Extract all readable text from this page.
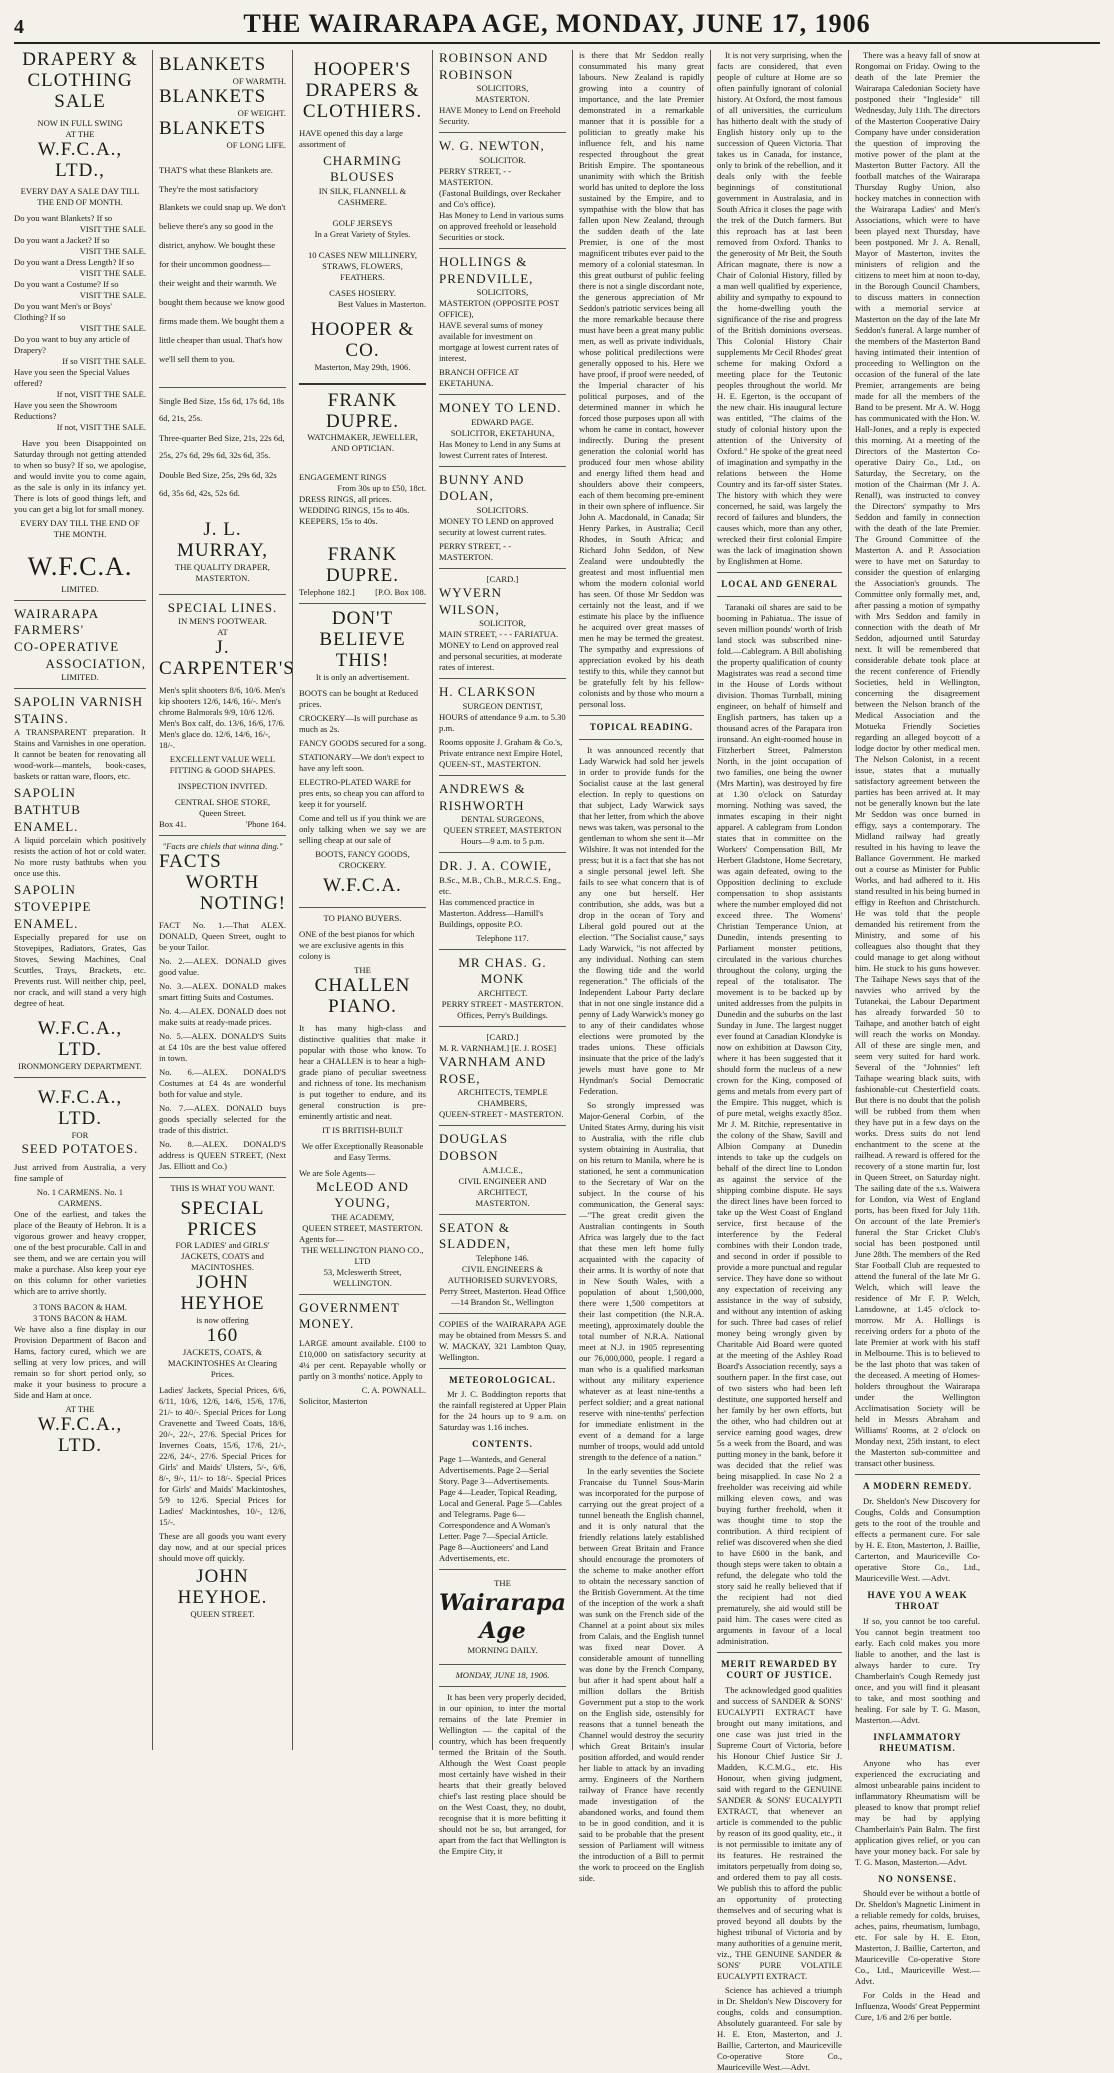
4	THE WAIRARAPA AGE, MONDAY, JUNE 17, 1906
DRAPERY & CLOTHING SALE
NOW IN FULL SWING
AT THE
W.F.C.A., LTD.,
EVERY DAY A SALE DAY TILL THE END OF MONTH.
Do you want Blankets? If so
VISIT THE SALE.
Do you want a Jacket? If so
VISIT THE SALE.
Do you want a Dress Length? If so
VISIT THE SALE.
Do you want a Costume? If so
VISIT THE SALE.
Do you want Men's or Boys' Clothing? If so
VISIT THE SALE.
Do you want to buy any article of Drapery?
If so VISIT THE SALE.
Have you seen the Special Values offered?
If not, VISIT THE SALE.
Have you seen the Showroom Reductions?
If not, VISIT THE SALE.

Have you been Disappointed on Saturday through not getting attended to when so busy? If so, we apologise, and would invite you to come again, as the sale is only in its infancy yet. There is lots of good things left, and you can get a big lot for small money.

EVERY DAY TILL THE END OF THE MONTH.
W.F.C.A.
LIMITED.
WAIRARAPA
FARMERS'
CO-OPERATIVE
ASSOCIATION,
LIMITED.
SAPOLIN VARNISH STAINS.

A TRANSPARENT preparation. It Stains and Varnishes in one operation. It cannot be beaten for renovating all wood-work—mantels, book-cases, baskets or rattan ware, floors, etc.

SAPOLIN BATHTUB ENAMEL.

A liquid porcelain which positively resists the action of hot or cold water. No more rusty bathtubs when you once use this.

SAPOLIN STOVEPIPE ENAMEL.

Especially prepared for use on Stovepipes, Radiators, Grates, Gas Stoves, Sewing Machines, Coal Scuttles, Trays, Brackets, etc. Prevents rust. Will neither chip, peel, nor crack, and will stand a very high degree of heat.

W.F.C.A., LTD.
IRONMONGERY DEPARTMENT.
W.F.C.A., LTD.
FOR
SEED POTATOES.

Just arrived from Australia, a very fine sample of

No. 1 CARMENS. No. 1 CARMENS.

One of the earliest, and takes the place of the Beauty of Hebron. It is a vigorous grower and heavy cropper, one of the best procurable. Call in and see them, and we are certain you will make a purchase. Also keep your eye on this column for other varieties which are to arrive shortly.

3 TONS BACON & HAM.
3 TONS BACON & HAM.

We have also a fine display in our Provision Department of Bacon and Hams, factory cured, which we are selling at very low prices, and will remain so for short period only, so make it your business to procure a Side and Ham at once.

AT THE
W.F.C.A., LTD.
BLANKETS
OF WARMTH.
BLANKETS
OF WEIGHT.
BLANKETS
OF LONG LIFE.

THAT'S what these Blankets are. They're the most satisfactory Blankets we could snap up. We don't believe there's any so good in the district, anyhow. We bought these for their uncommon goodness—their weight and their warmth. We bought them because we know good firms made them. We bought them a little cheaper than usual. That's how we'll sell them to you.

Single Bed Size, 15s 6d, 17s 6d, 18s 6d, 21s, 25s.

Three-quarter Bed Size, 21s, 22s 6d, 25s, 27s 6d, 29s 6d, 32s 6d, 35s.

Double Bed Size, 25s, 29s 6d, 32s 6d, 35s 6d, 42s, 52s 6d.

J. L. MURRAY,
THE QUALITY DRAPER,
MASTERTON.
SPECIAL LINES.
IN MEN'S FOOTWEAR.
AT
J. CARPENTER'S

Men's split shooters 8/6, 10/6. Men's kip shooters 12/6, 14/6, 16/-. Men's chrome Balmorals 9/9, 10/6 12/6. Men's Box calf, do. 13/6, 16/6, 17/6. Men's glace do. 12/6, 14/6, 16/-, 18/-.

EXCELLENT VALUE WELL FITTING & GOOD SHAPES.
INSPECTION INVITED.
CENTRAL SHOE STORE,
Queen Street.
Box 41.	'Phone 164.
"Facts are chiels that winna ding."
FACTS
WORTH
NOTING!

FACT No. 1.—That ALEX. DONALD, Queen Street, ought to be your Tailor.

No. 2.—ALEX. DONALD gives good value.

No. 3.—ALEX. DONALD makes smart fitting Suits and Costumes.

No. 4.—ALEX. DONALD does not make suits at ready-made prices.

No. 5.—ALEX. DONALD'S Suits at £4 10s are the best value offered in town.

No. 6.—ALEX. DONALD'S Costumes at £4 4s are wonderful both for value and style.

No. 7.—ALEX. DONALD buys goods specially selected for the trade of this district.

No. 8.—ALEX. DONALD'S address is QUEEN STREET, (Next Jas. Elliott and Co.)

THIS IS WHAT YOU WANT.
SPECIAL
PRICES
FOR LADIES' and GIRLS' JACKETS, COATS and MACINTOSHES.
JOHN HEYHOE
is now offering
160
JACKETS, COATS, & MACKINTOSHES At Clearing Prices.

Ladies' Jackets, Special Prices, 6/6, 6/11, 10/6, 12/6, 14/6, 15/6, 17/6, 21/- to 40/-. Special Prices for Long Cravenette and Tweed Coats, 18/6, 20/-, 22/-, 27/6. Special Prices for Invernes Coats, 15/6, 17/6, 21/-, 22/6, 24/-, 27/6. Special Prices for Girls' and Maids' Ulsters, 5/-, 6/6, 8/-, 9/-, 11/- to 18/-. Special Prices for Girls' and Maids' Mackintoshes, 5/9 to 12/6. Special Prices for Ladies' Mackintoshes, 10/-, 12/6, 15/-.

These are all goods you want every day now, and at our special prices should move off quickly.

JOHN HEYHOE.
QUEEN STREET.
HOOPER'S
DRAPERS & CLOTHIERS.

HAVE opened this day a large assortment of

CHARMING BLOUSES
IN SILK, FLANNELL & CASHMERE.
GOLF JERSEYS
In a Great Variety of Styles.
10 CASES NEW MILLINERY, STRAWS, FLOWERS, FEATHERS.
CASES HOSIERY.
Best Values in Masterton.
HOOPER & CO.
Masterton, May 29th, 1906.
FRANK DUPRE.
WATCHMAKER, JEWELLER, AND OPTICIAN.
ENGAGEMENT RINGS
From 30s up to £50, 18ct.
DRESS RINGS, all prices.
WEDDING RINGS, 15s to 40s.
KEEPERS, 15s to 40s.
FRANK DUPRE.
Telephone 182.] [P.O. Box 108.
DON'T BELIEVE THIS!
It is only an advertisement.

BOOTS can be bought at Reduced prices.

CROCKERY—Is will purchase as much as 2s.

FANCY GOODS secured for a song.

STATIONARY—We don't expect to have any left soon.

ELECTRO-PLATED WARE for pres ents, so cheap you can afford to keep it for yourself.

Come and tell us if you think we are only talking when we say we are selling cheap at our sale of

BOOTS, FANCY GOODS, CROCKERY.
W.F.C.A.
TO PIANO BUYERS.

ONE of the best pianos for which we are exclusive agents in this colony is

THE
CHALLEN
PIANO.

It has many high-class and distinctive qualities that make it popular with those who know. To hear a CHALLEN is to hear a high-grade piano of peculiar sweetness and richness of tone. Its mechanism is put together to endure, and its general construction is pre-eminently artistic and neat.

IT IS BRITISH-BUILT
We offer Exceptionally Reasonable and Easy Terms.
We are Sole Agents—
McLEOD AND YOUNG,
THE ACADEMY,
QUEEN STREET, MASTERTON.
Agents for—
THE WELLINGTON PIANO CO., LTD
53, Mcleswerth Street,
WELLINGTON.
GOVERNMENT MONEY.

LARGE amount available. £100 to £10,000 on satisfactory security at 4¼ per cent. Repayable wholly or partly on 3 months' notice. Apply to

C. A. POWNALL.
Solicitor, Masterton
ROBINSON AND ROBINSON
SOLICITORS,
MASTERTON.

HAVE Money to Lend on Freehold Security.

W. G. NEWTON,
SOLICITOR.
PERRY STREET, - - MASTERTON.
(Fastonal Buildings, over Reckaher and Co's office).

Has Money to Lend in various sums on approved freehold or leasehold Securities or stock.

HOLLINGS & PRENDVILLE,
SOLICITORS,
MASTERTON (OPPOSITE POST OFFICE),

HAVE several sums of money available for investment on mortgage at lowest current rates of interest.

BRANCH OFFICE AT EKETAHUNA.
MONEY TO LEND.
EDWARD PAGE.
SOLICITOR, EKETAHUNA,

Has Money to Lend in any Sums at lowest Current rates of Interest.

BUNNY AND DOLAN,
SOLICITORS.

MONEY TO LEND on approved security at lowest current rates.

PERRY STREET, - - MASTERTON.
[CARD.]
WYVERN WILSON,
SOLICITOR,
MAIN STREET, - - - FARIATUA.

MONEY to Lend on approved real and personal securities, at moderate rates of interest.

H. CLARKSON
SURGEON DENTIST,

HOURS of attendance 9 a.m. to 5.30 p.m.

Rooms opposite J. Graham & Co.'s, Private entrance next Empire Hotel, QUEEN-ST., MASTERTON.

ANDREWS & RISHWORTH
DENTAL SURGEONS,
QUEEN STREET, MASTERTON
Hours—9 a.m. to 5 p.m.
DR. J. A. COWIE,
B.Sc., M.B., Ch.B., M.R.C.S. Eng., etc.

Has commenced practice in Masterton. Address—Hamill's Buildings, opposite P.O.

Telephone 117.
MR CHAS. G. MONK
ARCHITECT.
PERRY STREET - MASTERTON. Offices, Perry's Buildings.
[CARD.]
M. R. VARNHAM.] [E. J. ROSE]
VARNHAM AND ROSE,
ARCHITECTS, TEMPLE CHAMBERS,
QUEEN-STREET - MASTERTON.
DOUGLAS DOBSON
A.M.I.C.E.,
CIVIL ENGINEER AND ARCHITECT,
MASTERTON.
SEATON & SLADDEN,
Telephone 146.
CIVIL ENGINEERS & AUTHORISED SURVEYORS,
Perry Street, Masterton. Head Office—14 Brandon St., Wellington

COPIES of the WAIRARAPA AGE may be obtained from Messrs S. and W. MACKAY, 321 Lambton Quay, Wellington.

METEOROLOGICAL.

Mr J. C. Boddington reports that the rainfall registered at Upper Plain for the 24 hours up to 9 a.m. on Saturday was 1.16 inches.

CONTENTS.

Page 1—Wanteds, and General Advertisements. Page 2—Serial Story. Page 3—Advertisements. Page 4—Leader, Topical Reading, Local and General. Page 5—Cables and Telegrams. Page 6—Correspondence and A Woman's Letter. Page 7—Special Article. Page 8—Auctioneers' and Land Advertisements, etc.

THE
Wairarapa Age
MORNING DAILY.
MONDAY, JUNE 18, 1906.

It has been very properly decided, in our opinion, to inter the mortal remains of the late Premier in Wellington — the capital of the country, which has been frequently termed the Britain of the South. Although the West Coast people most certainly have wished in their hearts that their greatly beloved chief's last resting place should be on the West Coast, they, no doubt, recognise that it is more befitting it should not be so, but arranged, for apart from the fact that Wellington is the Empire City, it

is there that Mr Seddon really consummated his many great labours. New Zealand is rapidly growing into a country of importance, and the late Premier demonstrated in a remarkable manner that it is possible for a politician to greatly make his influence felt, and his name respected throughout the great British Empire. The spontaneous unanimity with which the British world has united to deplore the loss sustained by the Empire, and to sympathise with the blow that has fallen upon New Zealand, through the sudden death of the late Premier, is one of the most magnificent tributes ever paid to the memory of a colonial statesman. In this great outburst of public feeling there is not a single discordant note, the generous appreciation of Mr Seddon's patriotic services being all the more remarkable because there must have been a great many public men, as well as private individuals, whose political predilections were generally opposed to his. Here we have proof, if proof were needed, of the Imperial character of his political purposes, and of the determined manner in which he forced those purposes upon all with whom he came in contact, however indirectly. During the present generation the colonial world has produced four men whose ability and energy lifted them head and shoulders above their compeers, each of them becoming pre-eminent in their own sphere of influence. Sir John A. Macdonald, in Canada; Sir Henry Parkes, in Australia; Cecil Rhodes, in South Africa; and Richard John Seddon, of New Zealand were undoubtedly the greatest and most influential men whom the modern colonial world has seen. Of those Mr Seddon was certainly not the least, and if we estimate his place by the influence he acquired over great masses of men he may be termed the greatest. The sympathy and expressions of appreciation evoked by his death testify to this, while they cannot but be gratefully felt by his fellow-colonists and by those who mourn a personal loss.

TOPICAL READING.

It was announced recently that Lady Warwick had sold her jewels in order to provide funds for the Socialist cause at the last general election. In reply to questions on that subject, Lady Warwick says that her letter, from which the above news was taken, was personal to the gentleman to whom she sent it—Mr Wilshire. It was not intended for the press; but it is a fact that she has not a single personal jewel left. She fails to see what concern that is of any one but herself. Her contribution, she adds, was but a drop in the ocean of Tory and Liberal gold poured out at the election. "The Socialist cause," says Lady Warwick, "is not affected by any individual. Nothing can stem the flowing tide and the world regeneration." The officials of the Independent Labour Party declare that in not one single instance did a penny of Lady Warwick's money go to any of their candidates whose elections were promoted by the trades unions. These officials insinuate that the price of the lady's jewels must have gone to Mr Hyndman's Social Democratic Federation.

So strongly impressed was Major-General Corbin, of the United States Army, during his visit to Australia, with the rifle club system obtaining in Australia, that on his return to Manila, where he is stationed, he sent a communication to the Secretary of War on the subject. In the course of his communication, the General says:—"The great credit given the Australian contingents in South Africa was largely due to the fact that these men left home fully acquainted with the capacity of their arms. It is worthy of note that in New South Wales, with a population of about 1,500,000, there were 1,500 competitors at their last competition (the N.R.A. meeting), approximately double the total number of N.R.A. National meet at N.J. in 1905 representing our 76,000,000, people. I regard a man who is a qualified marksman without any military experience whatever as at least nine-tenths a perfect soldier; and a great national reserve with nine-tenths' perfection for immediate enlistment in the event of a demand for a large number of troops, would add untold strength to the defence of a nation."

In the early seventies the Societe Francaise du Tunnel Sous-Marin was incorporated for the purpose of carrying out the great project of a tunnel beneath the English channel, and it is only natural that the friendly relations lately established between Great Britain and France should encourage the promoters of the scheme to make another effort to obtain the necessary sanction of the British Government. At the time of the inception of the work a shaft was sunk on the French side of the Channel at a point about six miles from Calais, and the English tunnel was fixed near Dover. A considerable amount of tunnelling was done by the French Company, but after it had spent about half a million dollars the British Government put a stop to the work on the English side, ostensibly for reasons that a tunnel beneath the Channel would destroy the security which Great Britain's insular position afforded, and would render her liable to attack by an invading army. Engineers of the Northern railway of France have recently made investigation of the abandoned works, and found them to be in good condition, and it is said to be probable that the present session of Parliament will witness the introduction of a Bill to permit the work to proceed on the English side.

It is not very surprising, when the facts are considered, that even people of culture at Home are so often painfully ignorant of colonial history. At Oxford, the most famous of all universities, the curriculum has hitherto dealt with the study of English history only up to the succession of Queen Victoria. That takes us in Canada, for instance, only to brink of the rebellion, and it deals only with the feeble beginnings of constitutional government in Australasia, and in South Africa it closes the page with the trek of the Dutch farmers. But this reproach has at last been removed from Oxford. Thanks to the generosity of Mr Beit, the South African magnate, there is now a Chair of Colonial History, filled by a man well qualified by experience, ability and sympathy to expound to the home-dwelling youth the significance of the rise and progress of the British dominions overseas. This Colonial History Chair supplements Mr Cecil Rhodes' great scheme for making Oxford a meeting place for the Teutonic peoples throughout the world. Mr H. E. Egerton, is the occupant of the new chair. His inaugural lecture was entitled, "The claims of the study of colonial history upon the attention of the University of Oxford." He spoke of the great need of imagination and sympathy in the relations between the Home Country and its far-off sister States. The history with which they were concerned, he said, was largely the record of failures and blunders, the causes which, more than any other, wrecked their first colonial Empire was the lack of imagination shown by Englishmen at Home.

LOCAL AND GENERAL

Taranaki oil shares are said to be booming in Pahiatua.. The issue of seven million pounds' worth of Irish land stock was subscribed nine-fold.—Cablegram. A Bill abolishing the property qualification of county Magistrates was read a second time in the House of Lords without division. Thomas Turnball, mining engineer, on behalf of himself and English partners, has taken up a thousand acres of the Parapara iron ironsand. An eight-roomed house in Fitzherbert Street, Palmerston North, in the joint occupation of two families, one being the owner (Mrs Martin), was destroyed by fire at 1.30 o'clock on Saturday morning. Nothing was saved, the inmates escaping in their night apparel. A cablegram from London states that in committee on the Workers' Compensation Bill, Mr Herbert Gladstone, Home Secretary, was again defeated, owing to the Opposition declining to exclude compensation to shop assistants where the number employed did not exceed three. The Womens' Christian Temperance Union, at Dunedin, intends presenting to Parliament monster petitions, circulated in the various churches throughout the colony, urging the repeal of the totalisator. The movement is to be backed up by united addresses from the pulpits in Dunedin and the suburbs on the last Sunday in June. The largest nugget ever found at Canadian Klondyke is now on exhibition at Dawson City, where it has been suggested that it should form the nucleus of a new crown for the King, composed of gems and metals from every part of the Empire. This nugget, which is of pure metal, weighs exactly 85oz. Mr J. M. Ritchie, representative in the colony of the Shaw, Savill and Albion Company at Dunedin intends to take up the cudgels on behalf of the direct line to London as against the service of the shipping combine dispute. He says the direct lines have been forced to take up the West Coast of England service, first because of the interference by the Federal combines with their London trade, and second in order if possible to provide a more punctual and regular service. They have done so without any expectation of receiving any assistance in the way of subsidy, and without any intention of asking for such. Three bad cases of relief money being wrongly given by Charitable Aid Board were quoted at the meeting of the Ashley Road Board's Association recently, says a southern paper. In the first case, out of two sisters who had been left destitute, one supported herself and her family by her own efforts, but the other, who had children out at service earning good wages, drew 5s a week from the Board, and was putting money in the bank, before it was decided that the relief was being misapplied. In case No 2 a freeholder was receiving aid while milking eleven cows, and was buying further freehold, when it was thought time to stop the contribution. A third recipient of relief was discovered when she died to have £600 in the bank, and though steps were taken to obtain a refund, the delegate who told the story said he really believed that if the recipient had not died prematurely, she aid would still be paid him. The cases were cited as arguments in favour of a local administration.

MERIT REWARDED BY COURT OF JUSTICE.

The acknowledged good qualities and success of SANDER & SONS' EUCALYPTI EXTRACT have brought out many imitations, and one case was just tried in the Supreme Court of Victoria, before his Honour Chief Justice Sir J. Madden, K.C.M.G., etc. His Honour, when giving judgment, said with regard to the GENUINE SANDER & SONS' EUCALYPTI EXTRACT, that whenever an article is commended to the public by reason of its good quality, etc., it is not permissible to imitate any of its features. He restrained the imitators perpetually from doing so, and ordered them to pay all costs. We publish this to afford the public an opportunity of protecting themselves and of securing what is proved beyond all doubts by the highest tribunal of Victoria and by many authorities of a genuine merit, viz., THE GENUINE SANDER & SONS' PURE VOLATILE EUCALYPTI EXTRACT.

Science has achieved a triumph in Dr. Sheldon's New Discovery for coughs, colds and consumption. Absolutely guaranteed. For sale by H. E. Eton, Masterton, and J. Baillie, Carterton, and Mauriceville Co-operative Store Co., Mauriceville West.—Advt.

There was a heavy fall of snow at Rongomai on Friday. Owing to the death of the late Premier the Wairarapa Caledonian Society have postponed their "Ingleside" till Wednesday, July 11th. The directors of the Masterton Cooperative Dairy Company have under consideration the question of improving the motive power of the plant at the Masterton Butter Factory. All the football matches of the Wairarapa Thursday Rugby Union, also hockey matches in connection with the Wairarapa Ladies' and Men's Associations, which were to have been played next Thursday, have been postponed. Mr J. A. Renall, Mayor of Masterton, invites the ministers of religion and the citizens to meet him at noon to-day, in the Borough Council Chambers, to discuss matters in connection with a memorial service at Masterton on the day of the late Mr Seddon's funeral. A large number of the members of the Masterton Band having intimated their intention of proceeding to Wellington on the occasion of the funeral of the late Premier, arrangements are being made for all the members of the Band to be present. Mr A. W. Hogg has communicated with the Hon. W. Hall-Jones, and a reply is expected this morning. At a meeting of the Directors of the Masterton Co-operative Dairy Co., Ltd., on Saturday, the Secretary, on the motion of the Chairman (Mr J. A. Renall), was instructed to convey the Directors' sympathy to Mrs Seddon and family in connection with the death of the late Premier. The Ground Committee of the Masterton A. and P. Association were to have met on Saturday to consider the question of enlarging the Association's grounds. The Committee only formally met, and, after passing a motion of sympathy with Mrs Seddon and family in connection with the death of Mr Seddon, adjourned until Saturday next. It will be remembered that considerable debate took place at the recent conference of Friendly Societies, held in Wellington, concerning the disagreement between the Nelson branch of the Medical Association and the Motueka Friendly Societies regarding an alleged boycott of a lodge doctor by other medical men. The Nelson Colonist, in a recent issue, states that a mutually satisfactory agreement between the parties has been arrived at. It may not be generally known but the late Mr Seddon was once burned in effigy, says a contemporary. The Midland railway had greatly resulted in his having to leave the Ballance Government. He marked out a course as Minister for Public Works, and had adhered to it. His stand resulted in his being burned in effigy in Reefton and Christchurch. He was told that the people demanded his retirement from the Ministry, and some of his colleagues also thought that they could manage to get along without him. He stuck to his guns however. The Taihape News says that of the navvies who arrived by the Tutanekai, the Labour Department has already forwarded 50 to Taihape, and another batch of eight will reach the works on Monday. All of these are single men, and seem very suited for hard work. Several of the "Johnnies" left Taihape wearing black suits, with fashionable-cut Chesterfield coats. But there is no doubt that the polish will be rubbed from them when they have put in a few days on the works. Dress suits do not lend enchantment to the scene at the railhead. A reward is offered for the recovery of a stone martin fur, lost in Queen Street, on Saturday night. The sailing date of the s.s. Waiwera for London, via West of England ports, has been fixed for July 11th. On account of the late Premier's funeral the Star Cricket Club's social has been postponed until June 28th. The members of the Red Star Football Club are requested to attend the funeral of the late Mr G. Welch, which will leave the residence of Mr F. P. Welch, Lansdowne, at 1.45 o'clock to-morrow. Mr A. Hollings is receiving orders for a photo of the late Premier at work with his staff in Melbourne. This is to believed to be the last photo that was taken of the deceased. A meeting of Homes-holders throughout the Wairarapa under the Wellington Acclimatisation Society will be held in Messrs Abraham and Williams' Rooms, at 2 o'clock on Monday next, 25th instant, to elect the Masterton sub-committee and transact other business.

A MODERN REMEDY.

Dr. Sheldon's New Discovery for Coughs, Colds and Consumption gets to the root of the trouble and effects a permanent cure. For sale by H. E. Eton, Masterton, J. Baillie, Carterton, and Mauriceville Co-operative Store Co., Ltd., Mauriceville West. —Advt.

HAVE YOU A WEAK THROAT

If so, you cannot be too careful. You cannot begin treatment too early. Each cold makes you more liable to another, and the last is always harder to cure. Try Chamberlain's Cough Remedy just once, and you will find it pleasant to take, and most soothing and healing. For sale by T. G. Mason, Masterton.—Advt.

INFLAMMATORY RHEUMATISM.

Anyone who has ever experienced the excruciating and almost unbearable pains incident to inflammatory Rheumatism will be pleased to know that prompt relief may be had by applying Chamberlain's Pain Balm. The first application gives relief, or you can have your money back. For sale by T. G. Mason, Masterton.—Advt.

NO NONSENSE.

Should ever be without a bottle of Dr. Sheldon's Magnetic Liniment in a reliable remedy for colds, bruises, aches, pains, rheumatism, lumbago, etc. For sale by H. E. Eton, Masterton, J. Baillie, Carterton, and Mauriceville Co-operative Store Co., Ltd., Mauriceville West.—Advt.

For Colds in the Head and Influenza, Woods' Great Peppermint Cure, 1/6 and 2/6 per bottle.
